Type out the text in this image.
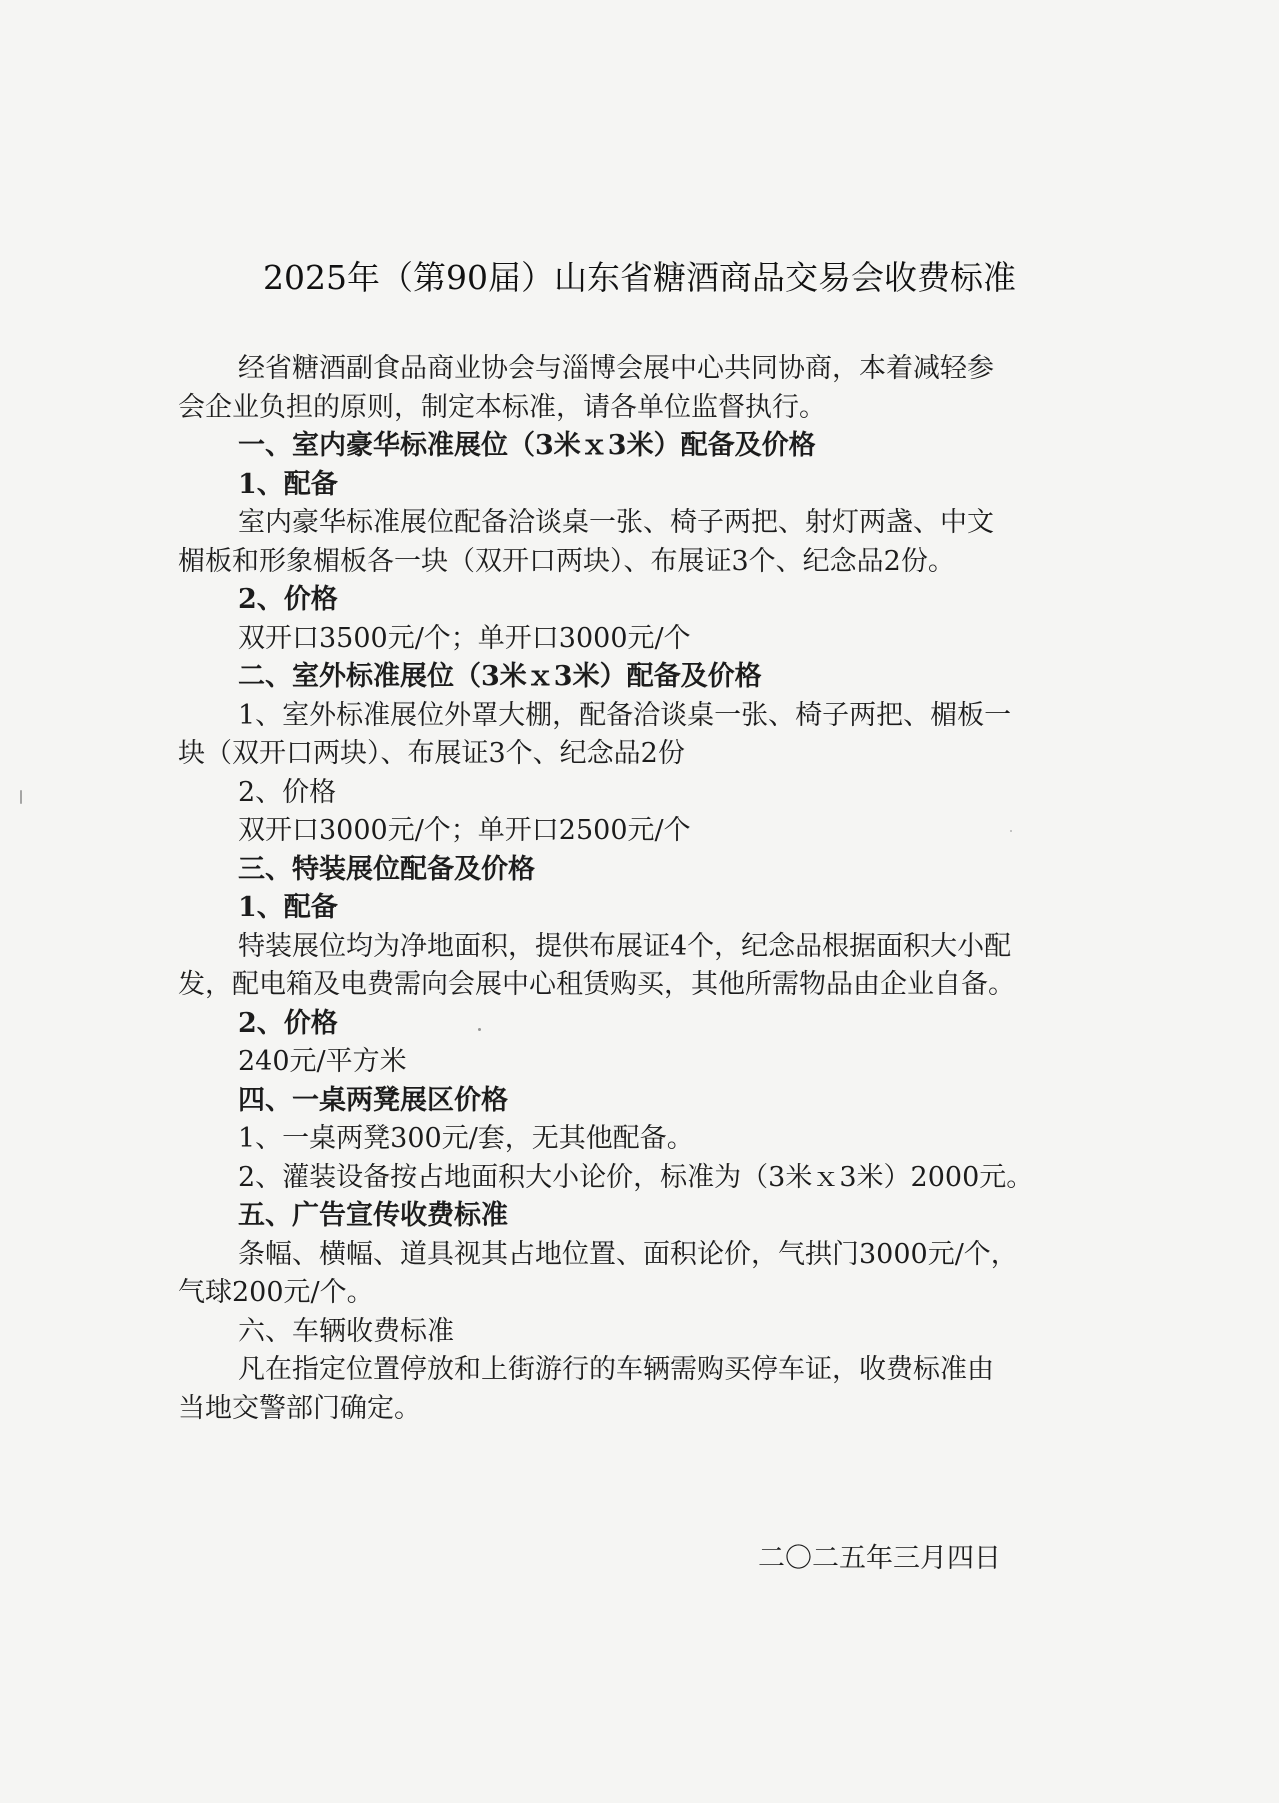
2025年（第90届）山东省糖酒商品交易会收费标准
经省糖酒副食品商业协会与淄博会展中心共同协商，本着减轻参
会企业负担的原则，制定本标准，请各单位监督执行。
一、室内豪华标准展位（3米ｘ3米）配备及价格
1、配备
室内豪华标准展位配备洽谈桌一张、椅子两把、射灯两盏、中文
楣板和形象楣板各一块（双开口两块）、布展证3个、纪念品2份。
2、价格
双开口3500元/个；单开口3000元/个
二、室外标准展位（3米ｘ3米）配备及价格
1、室外标准展位外罩大棚，配备洽谈桌一张、椅子两把、楣板一
块（双开口两块）、布展证3个、纪念品2份
2、价格
双开口3000元/个；单开口2500元/个
三、特装展位配备及价格
1、配备
特装展位均为净地面积，提供布展证4个，纪念品根据面积大小配
发，配电箱及电费需向会展中心租赁购买，其他所需物品由企业自备。
2、价格
240元/平方米
四、一桌两凳展区价格
1、一桌两凳300元/套，无其他配备。
2、灌装设备按占地面积大小论价，标准为（3米ｘ3米）2000元。
五、广告宣传收费标准
条幅、横幅、道具视其占地位置、面积论价，气拱门3000元/个，
气球200元/个。
六、车辆收费标准
凡在指定位置停放和上街游行的车辆需购买停车证，收费标准由
当地交警部门确定。
二〇二五年三月四日
